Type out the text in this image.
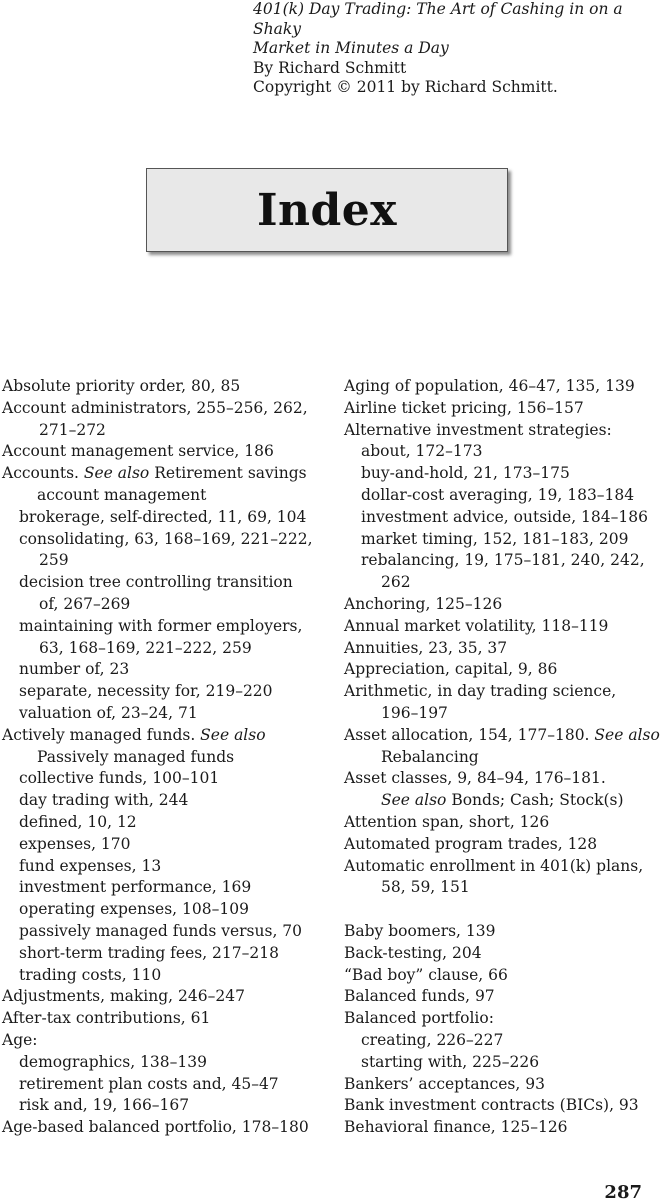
401(k) Day Trading: The Art of Cashing in on a Shaky
Market in Minutes a Day
By Richard Schmitt
Copyright © 2011 by Richard Schmitt.
Index
Absolute priority order, 80, 85
Account administrators, 255–256, 262,
271–272
Account management service, 186
Accounts. See also Retirement savings
account management
brokerage, self-directed, 11, 69, 104
consolidating, 63, 168–169, 221–222,
259
decision tree controlling transition
of, 267–269
maintaining with former employers,
63, 168–169, 221–222, 259
number of, 23
separate, necessity for, 219–220
valuation of, 23–24, 71
Actively managed funds. See also
Passively managed funds
collective funds, 100–101
day trading with, 244
defined, 10, 12
expenses, 170
fund expenses, 13
investment performance, 169
operating expenses, 108–109
passively managed funds versus, 70
short-term trading fees, 217–218
trading costs, 110
Adjustments, making, 246–247
After-tax contributions, 61
Age:
demographics, 138–139
retirement plan costs and, 45–47
risk and, 19, 166–167
Age-based balanced portfolio, 178–180
Aging of population, 46–47, 135, 139
Airline ticket pricing, 156–157
Alternative investment strategies:
about, 172–173
buy-and-hold, 21, 173–175
dollar-cost averaging, 19, 183–184
investment advice, outside, 184–186
market timing, 152, 181–183, 209
rebalancing, 19, 175–181, 240, 242,
262
Anchoring, 125–126
Annual market volatility, 118–119
Annuities, 23, 35, 37
Appreciation, capital, 9, 86
Arithmetic, in day trading science,
196–197
Asset allocation, 154, 177–180. See also
Rebalancing
Asset classes, 9, 84–94, 176–181.
See also Bonds; Cash; Stock(s)
Attention span, short, 126
Automated program trades, 128
Automatic enrollment in 401(k) plans,
58, 59, 151
Baby boomers, 139
Back-testing, 204
“Bad boy” clause, 66
Balanced funds, 97
Balanced portfolio:
creating, 226–227
starting with, 225–226
Bankers’ acceptances, 93
Bank investment contracts (BICs), 93
Behavioral finance, 125–126
287
